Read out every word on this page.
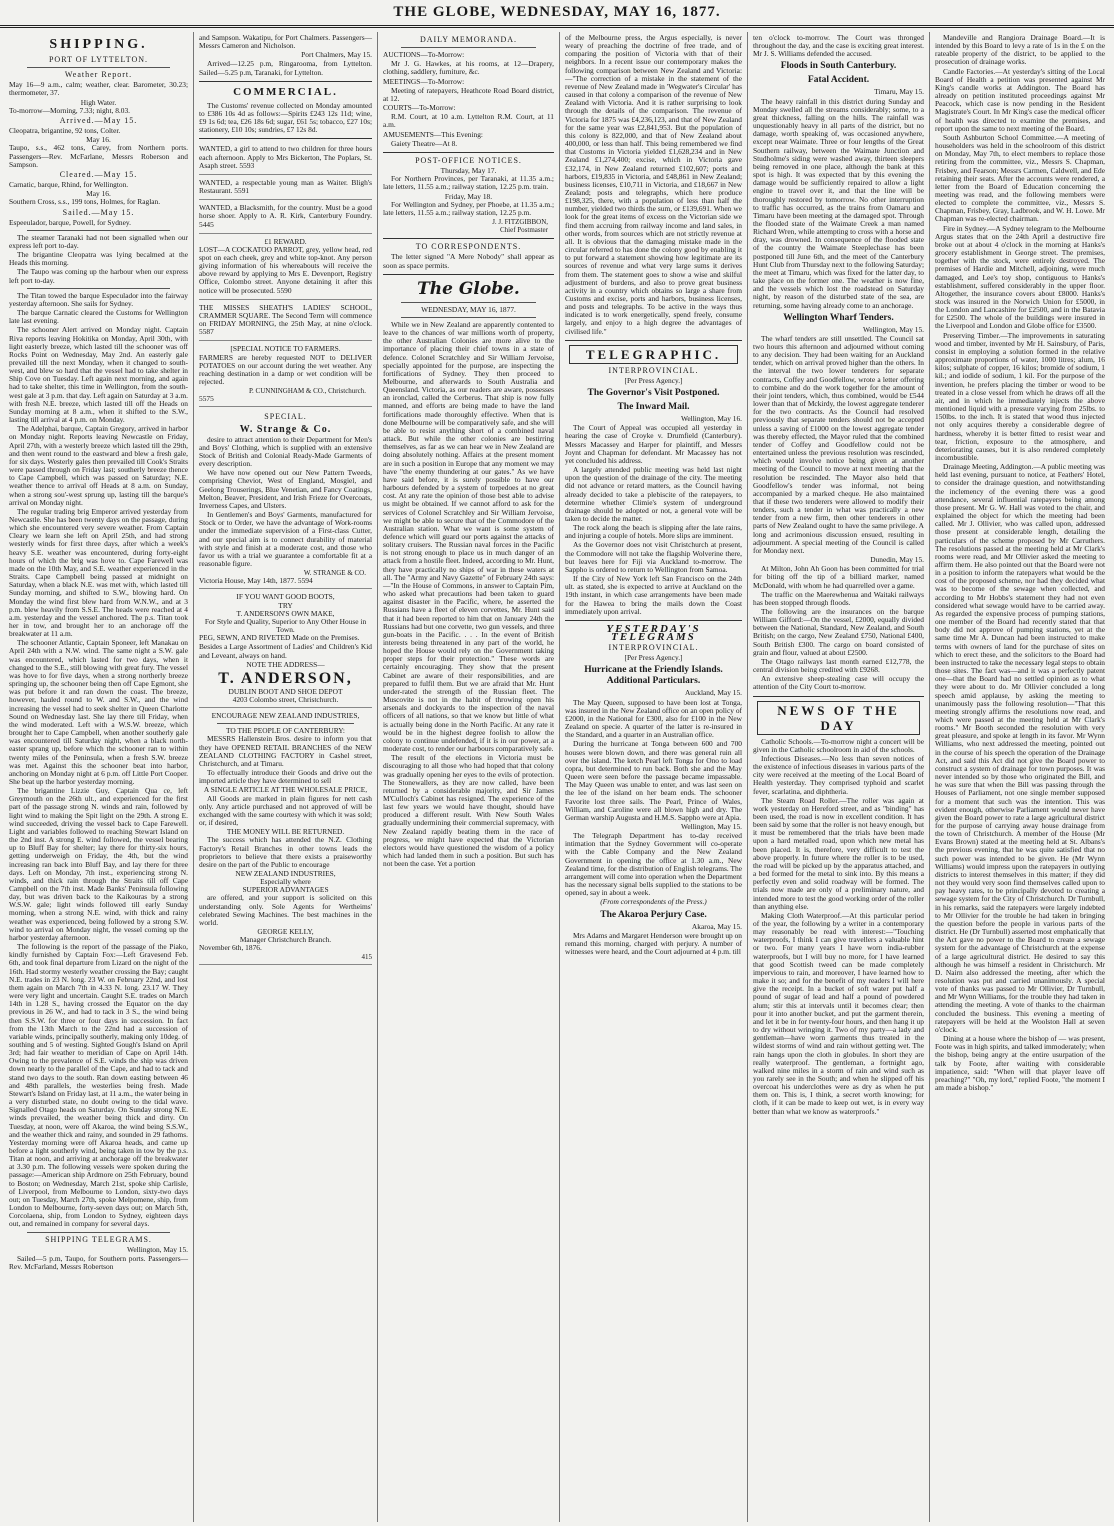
THE GLOBE, WEDNESDAY, MAY 16, 1877.
SHIPPING.
PORT OF LYTTELTON.
Weather Report.

May 16—9 a.m., calm; weather, clear. Barometer, 30.23; thermometer, 37.

High Water.

To-morrow—Morning, 7.33; night, 8.03.

Arrived.—May 15.

Cleopatra, brigantine, 92 tons, Colter.

May 16.

Taupo, s.s., 462 tons, Carey, from Northern ports. Passengers—Rev. McFarlane, Messrs Roberson and Sampson.

Cleared.—May 15.

Carnatic, barque, Rhind, for Wellington.

May 16.

Southern Cross, s.s., 199 tons, Holmes, for Raglan.

Sailed.—May 15.

Espeeulador, barque, Powell, for Sydney.

The steamer Taranaki had not been signalled when our express left port to-day.

The brigantine Cleopatra was lying becalmed at the Heads this morning.

The Taupo was coming up the harbour when our express left port to-day.

The Titan towed the barque Especulador into the fairway yesterday afternoon. She sails for Sydney.

The barque Carnatic cleared the Customs for Wellington late last evening.

The schooner Alert arrived on Monday night. Captain Riva reports leaving Hokitika on Monday, April 30th, with light easterly breeze, which lasted till the schooner was off Rocks Point on Wednesday, May 2nd. An easterly gale prevailed till the next Monday, when it changed to south-west, and blew so hard that the vessel had to take shelter in Ship Cove on Tuesday. Left again next morning, and again had to take shelter, this time in Wellington, from the south-west gale at 3 p.m. that day. Left again on Saturday at 3 a.m. with fresh N.E. breeze, which lasted till off the Heads on Sunday morning at 8 a.m., when it shifted to the S.W., lasting till arrival at 4 p.m. on Monday.

The Adelphai, barque, Captain Gregory, arrived in harbor on Monday night. Reports leaving Newcastle on Friday, April 27th, with a westerly breeze which lasted till the 29th, and then went round to the eastward and blew a fresh gale, for six days. Westerly gales then prevailed till Cook's Straits were passed through on Friday last; southerly breeze thence to Cape Campbell, which was passed on Saturday; N.E. weather thence to arrival off Heads at 8 a.m. on Sunday, when a strong sou'-west sprung up, lasting till the barque's arrival on Monday night.

The regular trading brig Emperor arrived yesterday from Newcastle. She has been twenty days on the passage, during which she encountered very severe weather. From Captain Cleary we learn she left on April 25th, and had strong westerly winds for first three days, after which a week's heavy S.E. weather was encountered, during forty-eight hours of which the brig was hove to. Cape Farewell was made on the 10th May, and S.E. weather experienced in the Straits. Cape Campbell being passed at midnight on Saturday, when a black N.E. was met with, which lasted till Sunday morning, and shifted to S.W., blowing hard. On Monday the wind first blew hard from W.N.W., and at 3 p.m. blew heavily from S.S.E. The heads were reached at 4 a.m. yesterday and the vessel anchored. The p.s. Titan took her in tow, and brought her to an anchorage off the breakwater at 11 a.m.

The schooner Atlantic, Captain Sponeer, left Manakau on April 24th with a N.W. wind. The same night a S.W. gale was encountered, which lasted for two days, when it changed to the S.E., still blowing with great fury. The vessel was hove to for five days, when a strong northerly breeze springing up, the schooner being then off Cape Egmont, she was put before it and ran down the coast. The breeze, however, hauled round to W. and S.W., and the wind increasing the vessel had to seek shelter in Queen Charlotte Sound on Wednesday last. She lay there till Friday, when the wind moderated. Left with a W.S.W. breeze, which brought her to Cape Campbell, when another southerly gale was encountered till Saturday night, when a black north-easter sprang up, before which the schooner ran to within twenty miles of the Peninsula, when a fresh S.W. breeze was met. Against this the schooner beat into harbor, anchoring on Monday night at 6 p.m. off Little Port Cooper. She beat up the harbor yesterday morning.

The brigantine Lizzie Guy, Captain Qua ce, left Greymouth on the 26th ult., and experienced for the first part of the passage strong N. winds and rain, followed by light wind to making the Spit light on the 29th. A strong E. wind succeeded, driving the vessel back to Cape Farewell. Light and variables followed to reaching Stewart Island on the 2nd inst. A strong E. wind followed, the vessel bearing up to Bluff Bay for shelter; lay there for thirty-six hours, getting underweigh on Friday, the 4th, but the wind increasing ran back into Bluff Bay, and lay there for three days. Left on Monday, 7th inst., experiencing strong N. winds, and thick rain through the Straits till off Cape Campbell on the 7th inst. Made Banks' Peninsula following day, but was driven back to the Kaikouras by a strong W.S.W. gale; light winds followed till early Sunday morning, when a strong N.E. wind, with thick and rainy weather was experienced, being followed by a strong S.W. wind to arrival on Monday night, the vessel coming up the harbor yesterday afternoon.

The following is the report of the passage of the Piako, kindly furnished by Captain Fox:—Left Gravesend Feb. 6th, and took final departure from Lizard on the night of the 16th. Had stormy westerly weather crossing the Bay; caught N.E. trades in 23 N. long. 23 W. on February 22nd, and lost them again on March 7th in 4.33 N. long. 23.17 W. They were very light and uncertain. Caught S.E. trades on March 14th in 1.28 S., having crossed the Equator on the day previous in 26 W., and had to tack in 3 S., the wind being then S.S.W. for three or four days in succession. In fact from the 13th March to the 22nd had a succession of variable winds, principally southerly, making only 10deg. of southing and 5 of westing. Sighted Gough's Island on April 3rd; had fair weather to meridian of Cape on April 14th. Owing to the prevalence of S.E. winds the ship was driven down nearly to the parallel of the Cape, and had to tack and stand two days to the south. Ran down easting between 46 and 48th parallels, the westerlies being fresh. Made Stewart's Island on Friday last, at 11 a.m., the water being in a very disturbed state, no doubt owing to the tidal wave. Signalled Otago heads on Saturday. On Sunday strong N.E. winds prevailed, the weather being thick and dirty. On Tuesday, at noon, were off Akaroa, the wind being S.S.W., and the weather thick and rainy, and sounded in 29 fathoms. Yesterday morning were off Akaroa heads, and came up before a light southerly wind, being taken in tow by the p.s. Titan at noon, and arriving at anchorage off the breakwater at 3.30 p.m. The following vessels were spoken during the passage:—American ship Ardmore on 25th February, bound to Boston; on Wednesday, March 21st, spoke ship Carlisle, of Liverpool, from Melbourne to London, sixty-two days out; on Tuesday, March 27th, spoke Melpomene, ship, from London to Melbourne, forty-seven days out; on March 5th, Corcolaena, ship, from London to Sydney, eighteen days out, and remained in company for several days.

SHIPPING TELEGRAMS.
Wellington, May 15.

Sailed—5 p.m, Taupo, for Southern ports. Passengers—Rev. McFarland, Messrs Robertson

and Sampson. Wakatipu, for Port Chalmers. Passengers—Messrs Cameron and Nicholson.

Port Chalmers, May 15.

Arrived—12.25 p.m, Ringarooma, from Lyttelton. Sailed—5.25 p.m, Taranaki, for Lyttelton.

COMMERCIAL.

The Customs' revenue collected on Monday amounted to £386 10s 4d as follows:—Spirits £243 12s 11d; wine, £9 1s 6d; tea, £26 18s 6d; sugar, £61 5s; tobacco, £27 10s; stationery, £10 10s; sundries, £7 12s 8d.

WANTED, a girl to attend to two children for three hours each afternoon. Apply to Mrs Bickerton, The Poplars, St. Asaph street. 5593

WANTED, a respectable young man as Waiter. Bligh's Restaurant. 5591

WANTED, a Blacksmith, for the country. Must be a good horse shoer. Apply to A. R. Kirk, Canterbury Foundry. 5445

£1 REWARD.

LOST—A COCKATOO PARROT, grey, yellow head, red spot on each cheek, grey and white top-knot. Any person giving information of his whereabouts will receive the above reward by applying to Mrs E. Devenport, Registry Office, Colombo street. Anyone detaining it after this notice will be prosecuted. 5590

THE MISSES SHEATH'S LADIES' SCHOOL, CRAMMER SQUARE. The Second Term will commence on FRIDAY MORNING, the 25th May, at nine o'clock. 5587

[SPECIAL NOTICE TO FARMERS.

FARMERS are hereby requested NOT to DELIVER POTATOES on our account during the wet weather. Any reaching destination in a damp or wet condition will be rejected.

P. CUNNINGHAM & CO., Christchurch.
5575
SPECIAL.
W. Strange & Co.

desire to attract attention to their Department for Men's and Boys' Clothing, which is supplied with an extensive Stock of British and Colonial Ready-Made Garments of every description.

We have now opened out our New Pattern Tweeds, comprising Cheviot, West of England, Mosgiel, and Geelong Trouserings, Blue Venetian, and Fancy Coatings, Melton, Beaver, President, and Irish Frieze for Overcoats, Inverness Capes, and Ulsters.

In Gentlemen's and Boys' Garments, manufactured for Stock or to Order, we have the advantage of Work-rooms under the immediate supervision of a First-class Cutter, and our special aim is to connect durability of material with style and finish at a moderate cost, and those who favor us with a trial we guarantee a comfortable fit at a reasonable figure.

W. STRANGE & CO.
Victoria House, May 14th, 1877. 5594
IF YOU WANT GOOD BOOTS,
TRY
T. ANDERSON'S OWN MAKE,
For Style and Quality, Superior to Any Other House in Town.

PEG, SEWN, AND RIVETED Made on the Premises.

Besides a Large Assortment of Ladies' and Children's Kid and Leveant, always on hand.

NOTE THE ADDRESS—
T. ANDERSON,
DUBLIN BOOT AND SHOE DEPOT
4203 Colombo street, Christchurch.
ENCOURAGE NEW ZEALAND INDUSTRIES,
TO THE PEOPLE OF CANTERBURY:

MESSRS Hallenstein Bros. desire to inform you that they have OPENED RETAIL BRANCHES of the NEW ZEALAND CLOTHING FACTORY in Cashel street, Christchurch, and at Timaru.

To effectually introduce their Goods and drive out the imported article they have determined to sell

A SINGLE ARTICLE AT THE WHOLESALE PRICE,

All Goods are marked in plain figures for nett cash only. Any article purchased and not approved of will be exchanged with the same courtesy with which it was sold; or, if desired,

THE MONEY WILL BE RETURNED.

The success which has attended the N.Z. Clothing Factory's Retail Branches in other towns leads the proprietors to believe that there exists a praiseworthy desire on the part of the Public to encourage

NEW ZEALAND INDUSTRIES,
Especially where
SUPERIOR ADVANTAGES

are offered, and your support is solicited on this understanding only. Sole Agents for Wertheims' celebrated Sewing Machines. The best machines in the world.

GEORGE KELLY,
Manager Christchurch Branch.
November 6th, 1876.
415
DAILY MEMORANDA.

AUCTIONS—To-Morrow:

Mr J. G. Hawkes, at his rooms, at 12—Drapery, clothing, saddlery, furniture, &c.

MEETINGS—To-Morrow:

Meeting of ratepayers, Heathcote Road Board district, at 12.

COURTS—To-Morrow:

R.M. Court, at 10 a.m. Lyttelton R.M. Court, at 11 a.m.

AMUSEMENTS—This Evening:

Gaiety Theatre—At 8.

POST-OFFICE NOTICES.
Thursday, May 17.

For Northern Provinces, per Taranaki, at 11.35 a.m.; late letters, 11.55 a.m.; railway station, 12.25 p.m. train.

Friday, May 18.

For Wellington and Sydney, per Phoebe, at 11.35 a.m.; late letters, 11.55 a.m.; railway station, 12.25 p.m.

J. J. FITZGIBBON,
Chief Postmaster
TO CORRESPONDENTS.

The letter signed "A Mere Nobody" shall appear as soon as space permits.

The Globe.
WEDNESDAY, MAY 16, 1877.

While we in New Zealand are apparently contented to leave to the chances of war millions worth of property, the other Australian Colonies are more alive to the importance of placing their chief towns in a state of defence. Colonel Scratchley and Sir William Jervoise, specially appointed for the purpose, are inspecting the fortifications of Sydney. They then proceed to Melbourne, and afterwards to South Australia and Queensland. Victoria, as our readers are aware, possesses an ironclad, called the Cerberus. That ship is now fully manned, and efforts are being made to have the land fortifications made thoroughly effective. When that is done Melbourne will be comparatively safe, and she will be able to resist anything short of a combined naval attack. But while the other colonies are bestirring themselves, as far as we can hear we in New Zealand are doing absolutely nothing. Affairs at the present moment are in such a position in Europe that any moment we may have "the enemy thundering at our gates." As we have have said before, it is surely possible to have our harbours defended by a system of torpedoes at no great cost. At any rate the opinion of those best able to advise us might be obtained. If we cannot afford to ask for the services of Colonel Scratchley and Sir William Jervoise, we might be able to secure that of the Commodore of the Australian station. What we want is some system of defence which will guard our ports against the attacks of solitary cruisers. The Russian naval forces in the Pacific is not strong enough to place us in much danger of an attack from a hostile fleet. Indeed, according to Mr. Hunt, they have practically no ships of war in these waters at all. The "Army and Navy Gazette" of February 24th says:—"In the House of Commons, in answer to Captain Pim, who asked what precautions had been taken to guard against disaster in the Pacific, where, he asserted the Russians have a fleet of eleven corvettes, Mr. Hunt said that it had been reported to him that on January 24th the Russians had but one corvette, two gun vessels, and three gun-boats in the Pacific. . . . In the event of British interests being threatened in any part of the world, he hoped the House would rely on the Government taking proper steps for their protection." These words are certainly encouraging. They show that the present Cabinet are aware of their responsibilities, and are prepared to fulfil them. But we are afraid that Mr. Hunt under-rated the strength of the Russian fleet. The Muscovite is not in the habit of throwing open his arsenals and dockyards to the inspection of the naval officers of all nations, so that we know but little of what is actually being done in the North Pacific. At any rate it would be in the highest degree foolish to allow the colony to continue undefended, if it is in our power, at a moderate cost, to render our harbours comparatively safe.

The result of the elections in Victoria must be discouraging to all those who had hoped that that colony was gradually opening her eyes to the evils of protection. The Stonewallers, as they are now called, have been returned by a considerable majority, and Sir James M'Culloch's Cabinet has resigned. The experience of the last few years we would have thought, should have produced a different result. With New South Wales gradually undermining their commercial supremacy, with New Zealand rapidly beating them in the race of progress, we might have expected that the Victorian electors would have questioned the wisdom of a policy which had landed them in such a position. But such has not been the case. Yet a portion

of the Melbourne press, the Argus especially, is never weary of preaching the doctrine of free trade, and of comparing the position of Victoria with that of their neighbors. In a recent issue our contemporary makes the following comparison between New Zealand and Victoria:—"The correction of a mistake in the statement of the revenue of New Zealand made in 'Wegwater's Circular' has caused in that colony a comparison of the revenue of New Zealand with Victoria. And it is rather surprising to look through the details of the comparison. The revenue of Victoria for 1875 was £4,236,123, and that of New Zealand for the same year was £2,841,953. But the population of this colony is 822,000, and that of New Zealand about 400,000, or less than half. This being remembered we find that Customs in Victoria yielded £1,628,234 and in New Zealand £1,274,400; excise, which in Victoria gave £32,174, in New Zealand returned £102,607; ports and harbors, £19,835 in Victoria, and £48,861 in New Zealand; business licenses, £10,711 in Victoria, and £18,667 in New Zealand; posts and telegraphs, which here produce £198,325, there, with a population of less than half the number, yielded two thirds the sum, or £139,691. When we look for the great items of excess on the Victorian side we find them accruing from railway income and land sales, in other words, from sources which are not strictly revenue at all. It is obvious that the damaging mistake made in the circular referred to has done the colony good by enabling it to put forward a statement showing how legitimate are its sources of revenue and what very large sums it derives from them. The statement goes to show a wise and skilful adjustment of burdens, and also to prove great business activity in a country which obtains so large a share from Customs and excise, ports and harbors, business licenses, and posts and telegraphs. To be active in the ways thus indicated is to work energetically, spend freely, consume largely, and enjoy to a high degree the advantages of civilised life."

TELEGRAPHIC.
INTERPROVINCIAL.
[Per Press Agency.]
The Governor's Visit Postponed.
The Inward Mail.
Wellington, May 16.

The Court of Appeal was occupied all yesterday in hearing the case of Croyke v. Drumfield (Canterbury). Messrs Macassey and Harper for plaintiff, and Messrs Joynt and Chapman for defendant. Mr Macassey has not yet concluded his address.

A largely attended public meeting was held last night upon the question of the drainage of the city. The meeting did not advance or retard matters, as the Council having already decided to take a plebiscite of the ratepayers, to determine whether Climie's system of underground drainage should be adopted or not, a general vote will be taken to decide the matter.

The rock along the beach is slipping after the late rains, and injuring a couple of hotels. More slips are imminent.

As the Governor does not visit Christchurch at present, the Commodore will not take the flagship Wolverine there, but leaves here for Fiji via Auckland to-morrow. The Sappho is ordered to return to Wellington from Samoa.

If the City of New York left San Francisco on the 24th ult. as stated, she is expected to arrive at Auckland on the 19th instant, in which case arrangements have been made for the Hawea to bring the mails down the Coast immediately upon arrival.

YESTERDAY'S TELEGRAMS
INTERPROVINCIAL.
[Per Press Agency.]
Hurricane at the Friendly Islands. Additional Particulars.
Auckland, May 15.

The May Queen, supposed to have been lost at Tonga, was insured in the New Zealand office on an open policy of £2000, in the National for £300, also for £100 in the New Zealand on specie. A quarter of the latter is re-insured in the Standard, and a quarter in an Australian office.

During the hurricane at Tonga between 600 and 700 houses were blown down, and there was general ruin all over the island. The ketch Pearl left Tonga for Ono to load copra, but determined to run back. Both she and the May Queen were seen before the passage became impassable. The May Queen was unable to enter, and was last seen on the lee of the island on her beam ends. The schooner Favorite lost three sails. The Pearl, Prince of Wales, William, and Caroline were all blown high and dry. The German warship Augusta and H.M.S. Sappho were at Apia.

Wellington, May 15.

The Telegraph Department has to-day received intimation that the Sydney Government will co-operate with the Cable Company and the New Zealand Government in opening the office at 1.30 a.m., New Zealand time, for the distribution of English telegrams. The arrangement will come into operation when the Department has the necessary signal bells supplied to the stations to be opened, say in about a week.

(From correspondents of the Press.)
The Akaroa Perjury Case.
Akaroa, May 15.

Mrs Adams and Margaret Henderson were brought up on remand this morning, charged with perjury. A number of witnesses were heard, and the Court adjourned at 4 p.m. till

ten o'clock to-morrow. The Court was thronged throughout the day, and the case is exciting great interest. Mr J. S. Williams defended the accused.

Floods in South Canterbury.
Fatal Accident.
Timaru, May 15.

The heavy rainfall in this district during Sunday and Monday swelled all the streams considerably; some, to a great thickness, falling on the hills. The rainfall was unquestionably heavy in all parts of the district, but no damage, worth speaking of, was occasioned anywhere, except near Waimate. Three or four lengths of the Great Southern railway, between the Waimate Junction and Studholme's siding were washed away, thirteen sleepers being removed in one place, although the bank at this spot is high. It was expected that by this evening the damage would be sufficiently repaired to allow a light engine to travel over it, and that the line will be thoroughly restored by tomorrow. No other interruption to traffic has occurred, as the trains from Oamaru and Timaru have been meeting at the damaged spot. Through the flooded state of the Waimate Creek a man named Richard Wren, while attempting to cross with a horse and dray, was drowned. In consequence of the flooded state of the country the Waimate Steeplechase has been postponed till June 6th, and the meet of the Canterbury Hunt Club from Thursday next to the following Saturday; the meet at Timaru, which was fixed for the latter day, to take place on the former one. The weather is now fine, and the vessels which lost the roadstead on Saturday night, by reason of the disturbed state of the sea, are returning, some having already come to an anchorage.

Wellington Wharf Tenders.
Wellington, May 15.

The wharf tenders are still unsettled. The Council sat two hours this afternoon and adjourned without coming to any decision. They had been waiting for an Auckland tender, which on arrival proved higher than the others. In the interval the two lower tenderers for separate contracts, Coffey and Goodfellow, wrote a letter offering to combine and do the work together for the amount of their joint tenders, which, thus combined, would be £544 lower than that of Mckirdy, the lowest aggregate tenderer for the two contracts. As the Council had resolved previously that separate tenders should not be accepted unless a saving of £1000 on the lowest aggregate tender was thereby effected, the Mayor ruled that the combined tender of Coffey and Goodfellow could not be entertained unless the previous resolution was rescinded, which would involve notice being given at another meeting of the Council to move at next meeting that the resolution be rescinded. The Mayor also held that Goodfellow's tender was informal, not being accompanied by a marked cheque. He also maintained that if these two tenderers were allowed to modify their tenders, such a tender in what was practically a new tender from a new firm, then other tenderers in other parts of New Zealand ought to have the same privilege. A long and acrimonious discussion ensued, resulting in adjournment. A special meeting of the Council is called for Monday next.

Dunedin, May 15.

At Milton, John Ah Goon has been committed for trial for biting off the tip of a billiard marker, named McDonald, with whom he had quarrelled over a game.

The traffic on the Maerewhenua and Waitaki railways has been stopped through floods.

The following are the insurances on the barque William Gifford:—On the vessel, £2000, equally divided between the National, Standard, New Zealand, and South British; on the cargo, New Zealand £750, National £400, South British £300. The cargo on board consisted of grain and flour, valued at about £2500.

The Otago railways last month earned £12,778, the central division being credited with £9268.

An extensive sheep-stealing case will occupy the attention of the City Court to-morrow.

NEWS OF THE DAY

Catholic Schools.—To-morrow night a concert will be given in the Catholic schoolroom in aid of the schools.

Infectious Diseases.—No less than seven notices of the existence of infectious diseases in various parts of the city were received at the meeting of the Local Board of Health yesterday. They comprised typhoid and scarlet fever, scarlatina, and diphtheria.

The Steam Road Roller.—The roller was again at work yesterday on Hereford street, and as "binding" has been used, the road is now in excellent condition. It has been said by some that the roller is not heavy enough, but it must be remembered that the trials have been made upon a hard metalled road, upon which new metal has been placed. It is, therefore, very difficult to test the above properly. In future where the roller is to be used, the road will be picked up by the apparatus attached, and a bed formed for the metal to sink into. By this means a perfectly even and solid roadway will be formed. The trials now made are only of a preliminary nature, and intended more to test the good working order of the roller than anything else.

Making Cloth Waterproof.—At this particular period of the year, the following by a writer in a contemporary may reasonably be read with interest:—"Touching waterproofs, I think I can give travellers a valuable hint or two. For many years I have worn india-rubber waterproofs, but I will buy no more, for I have learned that good Scottish tweed can be made completely impervious to rain, and moreover, I have learned how to make it so; and for the benefit of my readers I will here give the receipt. In a bucket of soft water put half a pound of sugar of lead and half a pound of powdered alum; stir this at intervals until it becomes clear; then pour it into another bucket, and put the garment therein, and let it be in for twenty-four hours, and then hang it up to dry without wringing it. Two of my party—a lady and gentleman—have worn garments thus treated in the wildest storms of wind and rain without getting wet. The rain hangs upon the cloth in globules. In short they are really waterproof. The gentleman, a fortnight ago, walked nine miles in a storm of rain and wind such as you rarely see in the South; and when he slipped off his overcoat his underclothes were as dry as when he put them on. This is, I think, a secret worth knowing; for cloth, if it can be made to keep out wet, is in every way better than what we know as waterproofs."

Mandeville and Rangiora Drainage Board.—It is intended by this Board to levy a rate of 1s in the £ on the rateable property of the district, to be applied to the prosecution of drainage works.

Candle Factories.—At yesterday's sitting of the Local Board of Health a petition was presented against Mr King's candle works at Addington. The Board has already on petition instituted proceedings against Mr Peacock, which case is now pending in the Resident Magistrate's Court. In Mr King's case the medical officer of health was directed to examine the premises, and report upon the same to next meeting of the Board.

South Ashburton School Committee.—A meeting of householders was held in the schoolroom of this district on Monday, May 7th, to elect members to replace those retiring from the committee, viz., Messrs S. Chapman, Frisbey, and Fearson; Messrs Carmen, Caldwell, and Ede retaining their seats. After the accounts were rendered, a letter from the Board of Education concerning the meeting was read, and the following members were elected to complete the committee, viz., Messrs S. Chapman, Frisbey, Gray, Ladbrook, and W. H. Lowe. Mr Chapman was re-elected chairman.

Fire in Sydney.—A Sydney telegram to the Melbourne Argus states that on the 24th April a destructive fire broke out at about 4 o'clock in the morning at Hanks's grocery establishment in George street. The premises, together with the stock, were entirely destroyed. The premises of Hardie and Mitchell, adjoining, were much damaged, and Lee's toy shop, contiguous to Hanks's establishment, suffered considerably in the upper floor. Altogether, the insurance covers about £8000. Hanks's stock was insured in the Norwich Union for £5000, in the London and Lancashire for £2500, and in the Batavia for £2500. The whole of the buildings were insured in the Liverpool and London and Globe office for £3500.

Preserving Timber.—The improvements in saturating wood and timber, invented by Mr H. Sainsbury, of Paris, consist in employing a solution formed in the relative approximate proportions of water, 1000 litres; alum, 16 kilos; sulphate of copper, 16 kilos; bromide of sodium, 1 kil.; and iodide of sodium, 1 kil. For the purpose of the invention, he prefers placing the timber or wood to be treated in a close vessel from which he draws off all the air, and in which he immediately injects the above mentioned liquid with a pressure varying from 25lbs. to 150lbs. to the inch. It is stated that wood thus injected not only acquires thereby a considerable degree of hardness, whereby it is better fitted to resist wear and tear, friction, exposure to the atmosphere, and deteriorating causes, but it is also rendered completely incombustible.

Drainage Meeting, Addington.—A public meeting was held last evening, pursuant to notice, at Feathers' Hotel, to consider the drainage question, and notwithstanding the inclemency of the evening there was a good attendance, several influential ratepayers being among those present. Mr G. W. Hall was voted to the chair, and explained the object for which the meeting had been called. Mr J. Ollivier, who was called upon, addressed those present at considerable length, detailing the particulars of the scheme proposed by Mr Carruthers. The resolutions passed at the meeting held at Mr Clark's rooms were read, and Mr Ollivier asked the meeting to affirm them. He also pointed out that the Board were not in a position to inform the ratepayers what would be the cost of the proposed scheme, nor had they decided what was to become of the sewage when collected, and according to Mr Hobbs's statement they had not even considered what sewage would have to be carried away. As regarded the expensive process of pumping stations, one member of the Board had recently stated that that body did not approve of pumping stations, yet at the same time Mr A. Duncan had been instructed to make terms with owners of land for the purchase of sites on which to erect these, and the solicitors to the Board had been instructed to take the necessary legal steps to obtain those sites. The fact was—and it was a perfectly patent one—that the Board had no settled opinion as to what they were about to do. Mr Ollivier concluded a long speech amid applause, by asking the meeting to unanimously pass the following resolution—"That this meeting strongly affirms the resolutions now read, and which were passed at the meeting held at Mr Clark's rooms." Mr Booth seconded the resolution with very great pleasure, and spoke at length in its favor. Mr Wynn Williams, who next addressed the meeting, pointed out in the course of his speech the operation of the Drainage Act, and said this Act did not give the Board power to construct a system of drainage for town purposes. It was never intended so by those who originated the Bill, and he was sure that when the Bill was passing through the Houses of Parliament, not one single member supposed for a moment that such was the intention. This was evident enough, otherwise Parliament would never have given the Board power to rate a large agricultural district for the purpose of carrying away house drainage from the town of Christchurch. A member of the House (Mr Evans Brown) stated at the meeting held at St. Albans's the previous evening, that he was quite satisfied that no such power was intended to be given. He (Mr Wynn Williams) would impress upon the ratepayers in outlying districts to interest themselves in this matter; if they did not they would very soon find themselves called upon to pay heavy rates, to be principally devoted to creating a sewage system for the City of Christchurch. Dr Turnbull, in his remarks, said the ratepayers were largely indebted to Mr Ollivier for the trouble he had taken in bringing the question before the people in various parts of the district. He (Dr Turnbull) asserted most emphatically that the Act gave no power to the Board to create a sewage system for the advantage of Christchurch at the expense of a large agricultural district. He desired to say this although he was himself a resident in Christchurch. Mr D. Nairn also addressed the meeting, after which the resolution was put and carried unanimously. A special vote of thanks was passed to Mr Ollivier, Dr Turnbull, and Mr Wynn Williams, for the trouble they had taken in attending the meeting. A vote of thanks to the chairman concluded the business. This evening a meeting of ratepayers will be held at the Woolston Hall at seven o'clock.

Dining at a house where the bishop of — was present, Foote was in high spirits, and talked immoderately; when the bishop, being angry at the entire usurpation of the talk by Foote, after waiting with considerable impatience, said: "When will that player leave off preaching?" "Oh, my lord," replied Foote, "the moment I am made a bishop."
